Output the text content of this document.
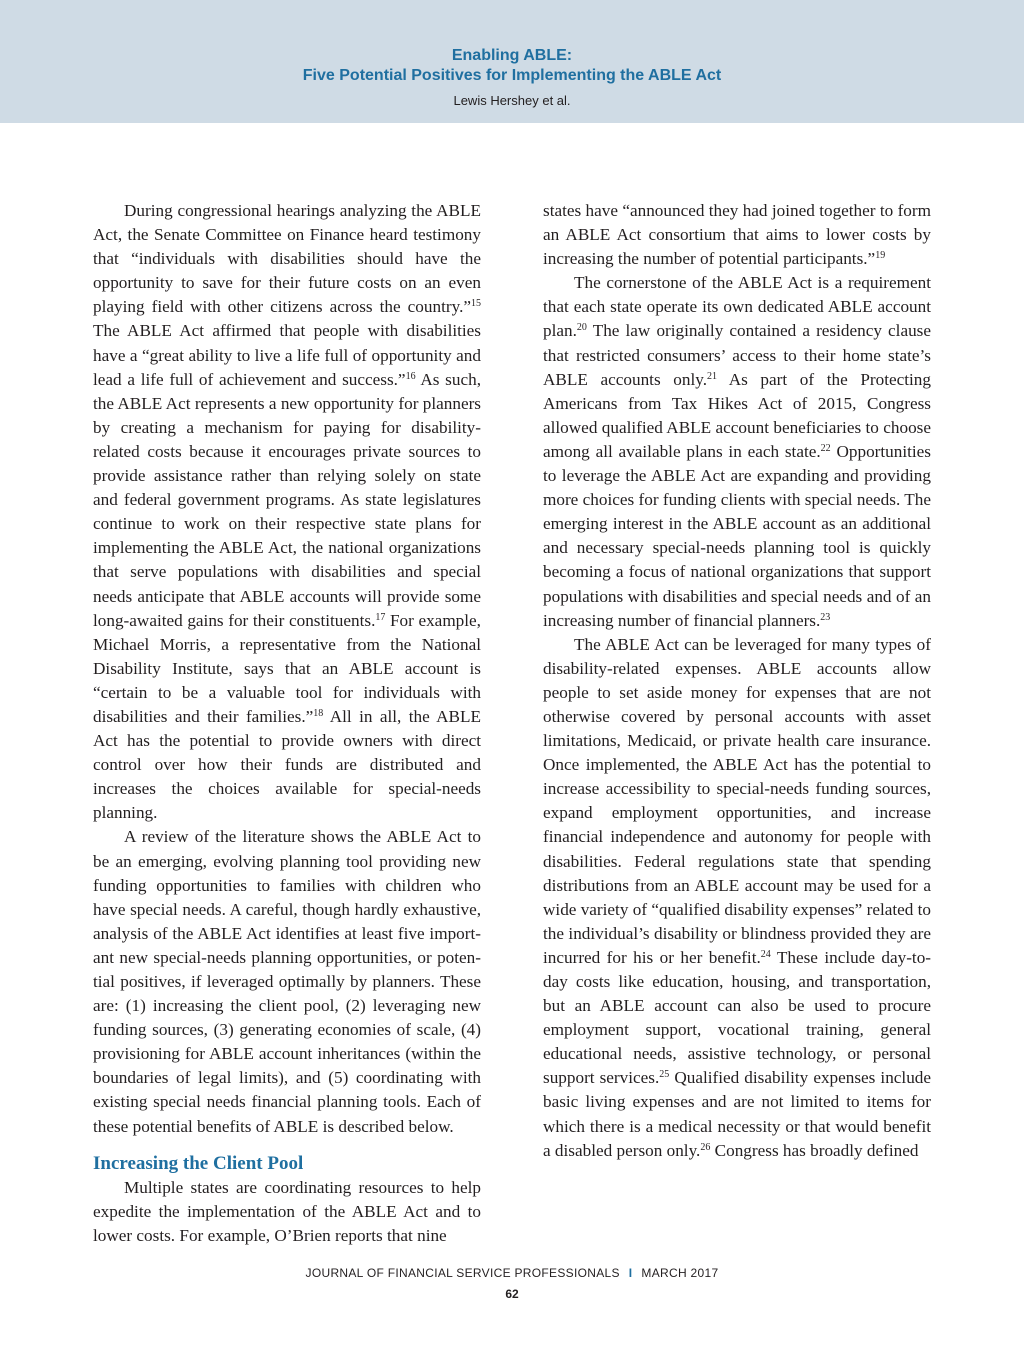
Enabling ABLE:
Five Potential Positives for Implementing the ABLE Act
Lewis Hershey et al.

During congressional hearings analyzing the ABLE Act, the Senate Committee on Finance heard testimony that “individuals with disabilities should have the opportunity to save for their future costs on an even playing field with other citizens across the country.”$^{15}$ The ABLE Act affirmed that people with disabilities have a “great ability to live a life full of opportunity and lead a life full of achievement and success.”$^{16}$ As such, the ABLE Act represents a new opportunity for planners by creating a mechanism for paying for disability-related costs because it encourages private sources to provide assistance rather than relying solely on state and federal government programs. As state legislatures continue to work on their respective state plans for implementing the ABLE Act, the national organizations that serve populations with disabilities and special needs anticipate that ABLE accounts will provide some long-awaited gains for their constituents.$^{17}$ For example, Michael Morris, a representative from the National Disability Institute, says that an ABLE account is “certain to be a valuable tool for individuals with disabilities and their families.”$^{18}$ All in all, the ABLE Act has the potential to provide owners with direct control over how their funds are distributed and increases the choices available for special-needs planning.

A review of the literature shows the ABLE Act to be an emerging, evolving planning tool providing new funding opportunities to families with children who have special needs. A careful, though hardly exhaustive, analysis of the ABLE Act identifies at least five important new special-needs planning opportunities, or potential positives, if leveraged optimally by planners. These are: (1) increasing the client pool, (2) leveraging new funding sources, (3) generating economies of scale, (4) provisioning for ABLE account inheritances (within the boundaries of legal limits), and (5) coordinating with existing special needs financial planning tools. Each of these potential benefits of ABLE is described below.

Increasing the Client Pool

Multiple states are coordinating resources to help expedite the implementation of the ABLE Act and to lower costs. For example, O’Brien reports that nine

states have “announced they had joined together to form an ABLE Act consortium that aims to lower costs by increasing the number of potential participants.”$^{19}$

The cornerstone of the ABLE Act is a requirement that each state operate its own dedicated ABLE account plan.$^{20}$ The law originally contained a residency clause that restricted consumers’ access to their home state’s ABLE accounts only.$^{21}$ As part of the Protecting Americans from Tax Hikes Act of 2015, Congress allowed qualified ABLE account beneficiaries to choose among all available plans in each state.$^{22}$ Opportunities to leverage the ABLE Act are expanding and providing more choices for funding clients with special needs. The emerging interest in the ABLE account as an additional and necessary special-needs planning tool is quickly becoming a focus of national organizations that support populations with disabilities and special needs and of an increasing number of financial planners.$^{23}$

The ABLE Act can be leveraged for many types of disability-related expenses. ABLE accounts allow people to set aside money for expenses that are not otherwise covered by personal accounts with asset limitations, Medicaid, or private health care insurance. Once implemented, the ABLE Act has the potential to increase accessibility to special-needs funding sources, expand employment opportunities, and increase financial independence and autonomy for people with disabilities. Federal regulations state that spending distributions from an ABLE account may be used for a wide variety of “qualified disability expenses” related to the individual’s disability or blindness provided they are incurred for his or her benefit.$^{24}$ These include day-to-day costs like education, housing, and transportation, but an ABLE account can also be used to procure employment support, vocational training, general educational needs, assistive technology, or personal support services.$^{25}$ Qualified disability expenses include basic living expenses and are not limited to items for which there is a medical necessity or that would benefit a disabled person only.$^{26}$ Congress has broadly defined

JOURNAL OF FINANCIAL SERVICE PROFESSIONALS I MARCH 2017
62
